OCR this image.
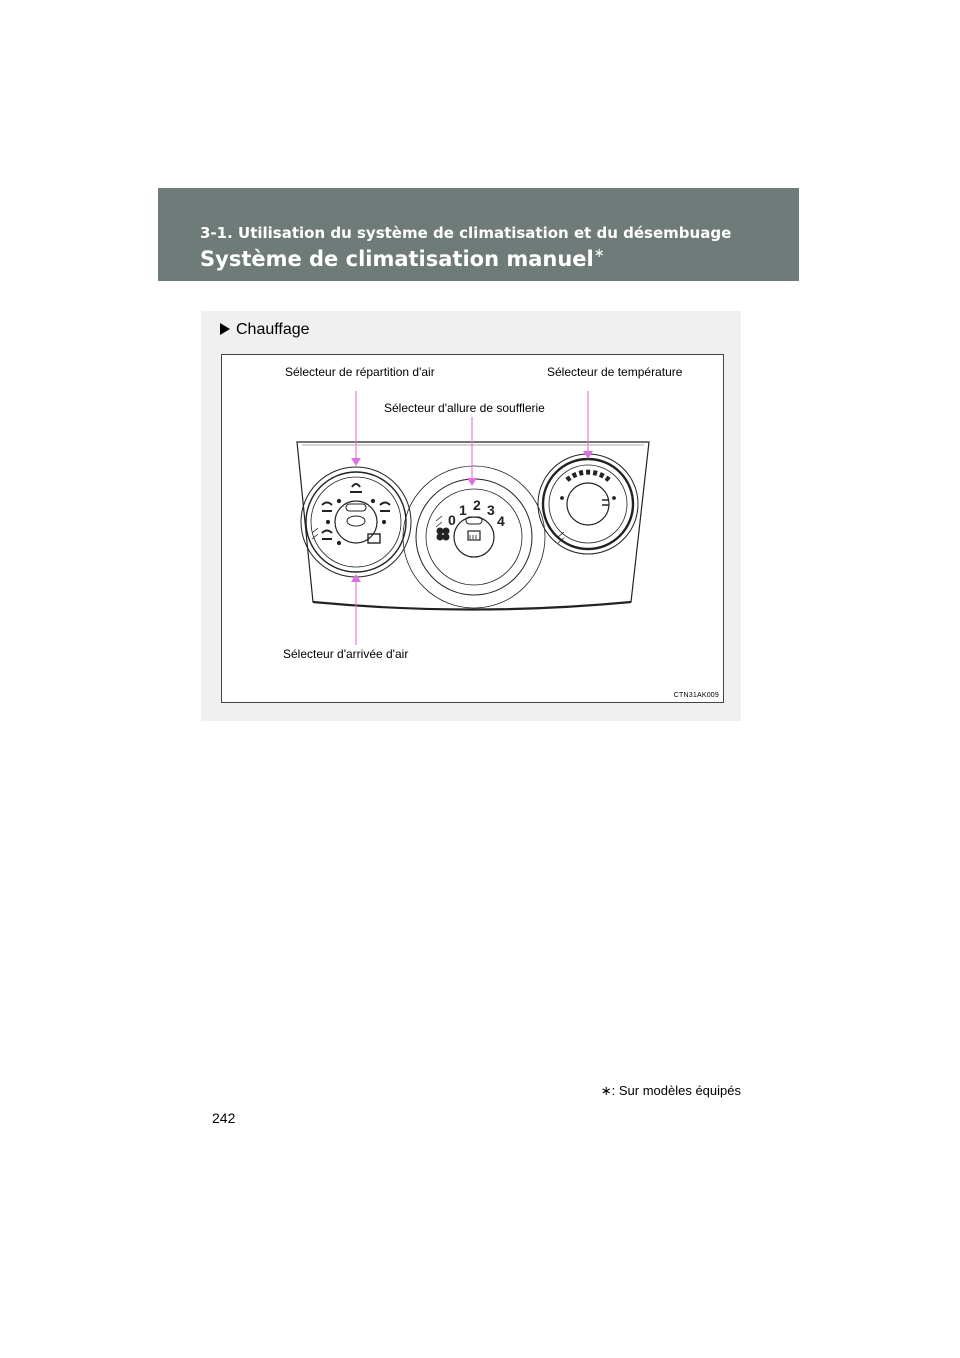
3-1. Utilisation du système de climatisation et du désembuage
Système de climatisation manuel∗
Chauffage
0
1 2 3
4
Sélecteur de répartition d'air	Sélecteur de température
Sélecteur d'allure de soufflerie
Sélecteur d'arrivée d'air
CTN31AK009
∗: Sur modèles équipés
242
